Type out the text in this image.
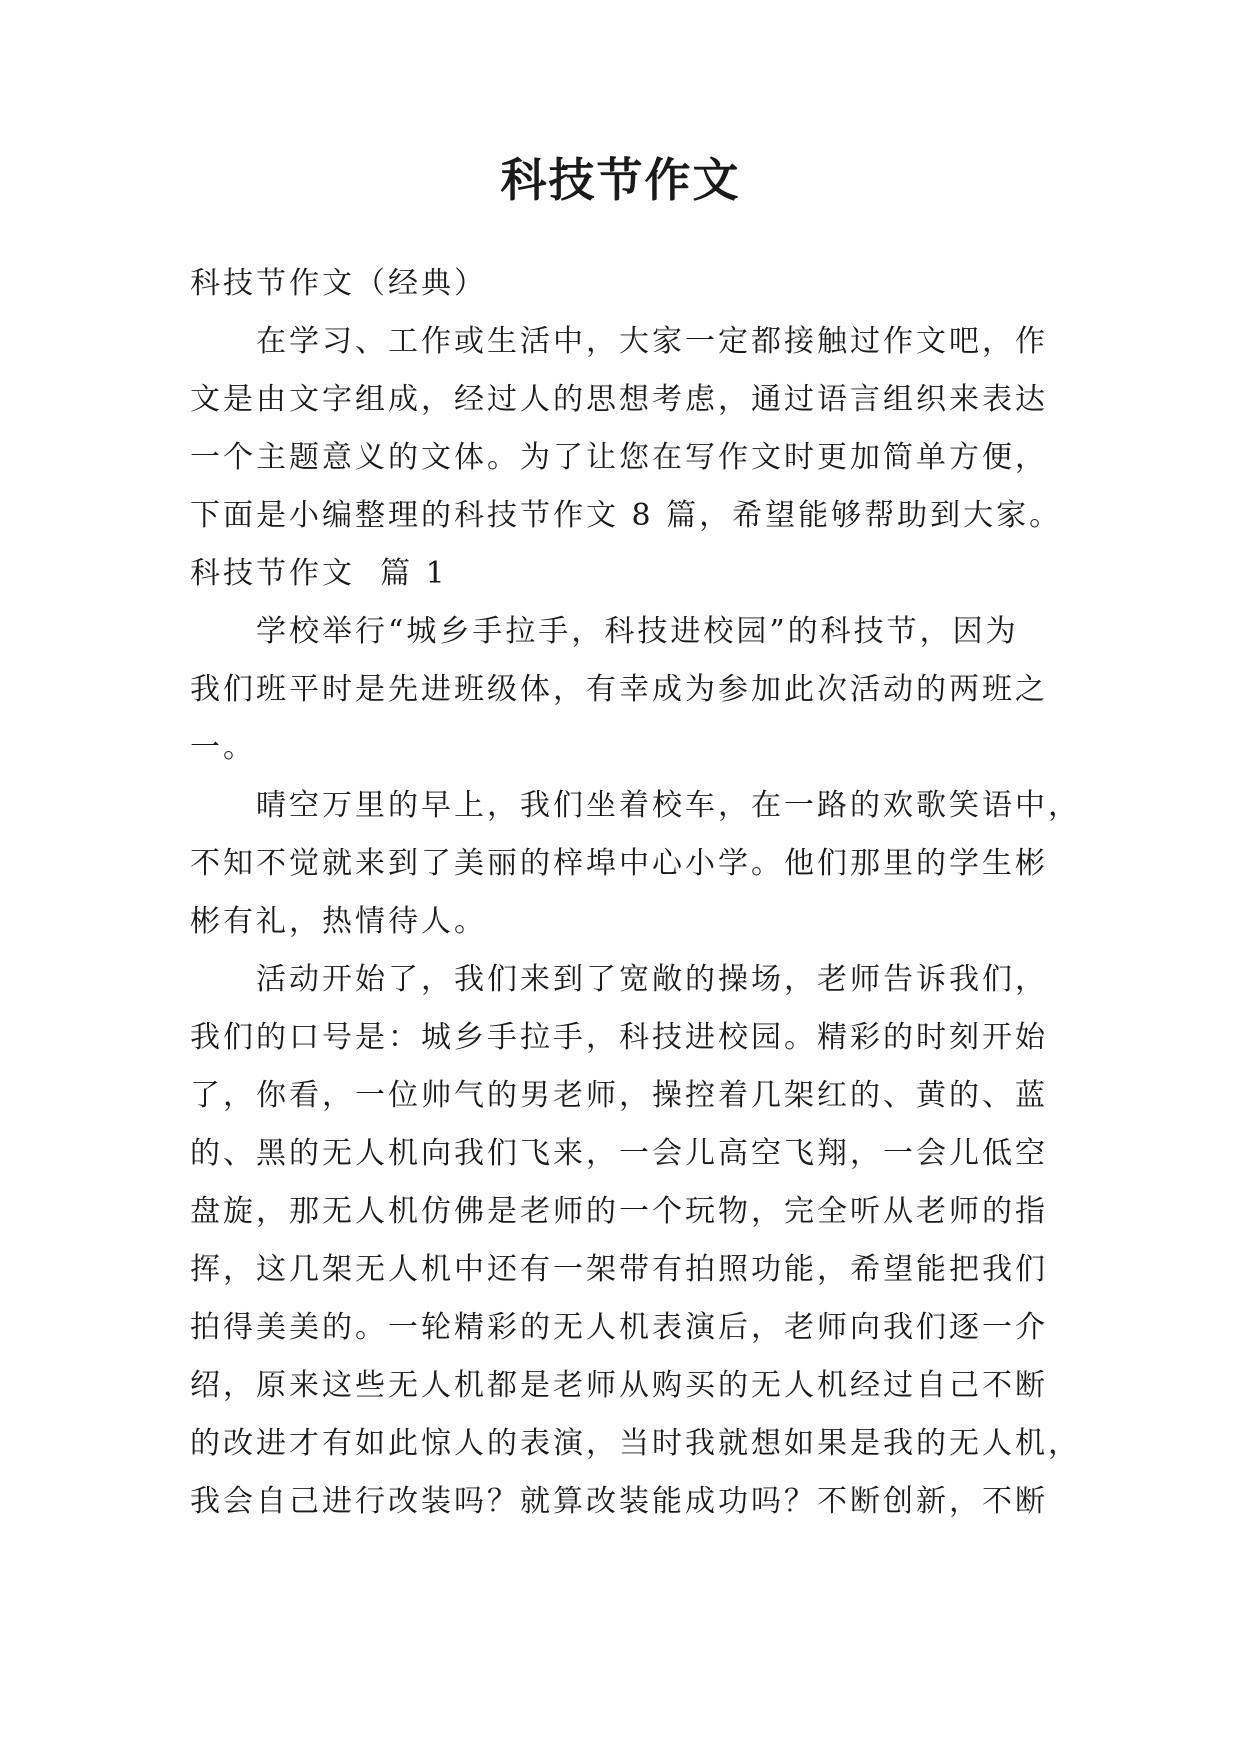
科技节作文

科技节作文（经典）

　　在学习、工作或生活中，大家一定都接触过作文吧，作

文是由文字组成，经过人的思想考虑，通过语言组织来表达

一个主题意义的文体。为了让您在写作文时更加简单方便，

下面是小编整理的科技节作文 8 篇，希望能够帮助到大家。

科技节作文  篇 1

　　学校举行“城乡手拉手，科技进校园”的科技节，因为

我们班平时是先进班级体，有幸成为参加此次活动的两班之

一。

　　晴空万里的早上，我们坐着校车，在一路的欢歌笑语中，

不知不觉就来到了美丽的梓埠中心小学。他们那里的学生彬

彬有礼，热情待人。

　　活动开始了，我们来到了宽敞的操场，老师告诉我们，

我们的口号是：城乡手拉手，科技进校园。精彩的时刻开始

了，你看，一位帅气的男老师，操控着几架红的、黄的、蓝

的、黑的无人机向我们飞来，一会儿高空飞翔，一会儿低空

盘旋，那无人机仿佛是老师的一个玩物，完全听从老师的指

挥，这几架无人机中还有一架带有拍照功能，希望能把我们

拍得美美的。一轮精彩的无人机表演后，老师向我们逐一介

绍，原来这些无人机都是老师从购买的无人机经过自己不断

的改进才有如此惊人的表演，当时我就想如果是我的无人机，

我会自己进行改装吗？就算改装能成功吗？不断创新，不断
